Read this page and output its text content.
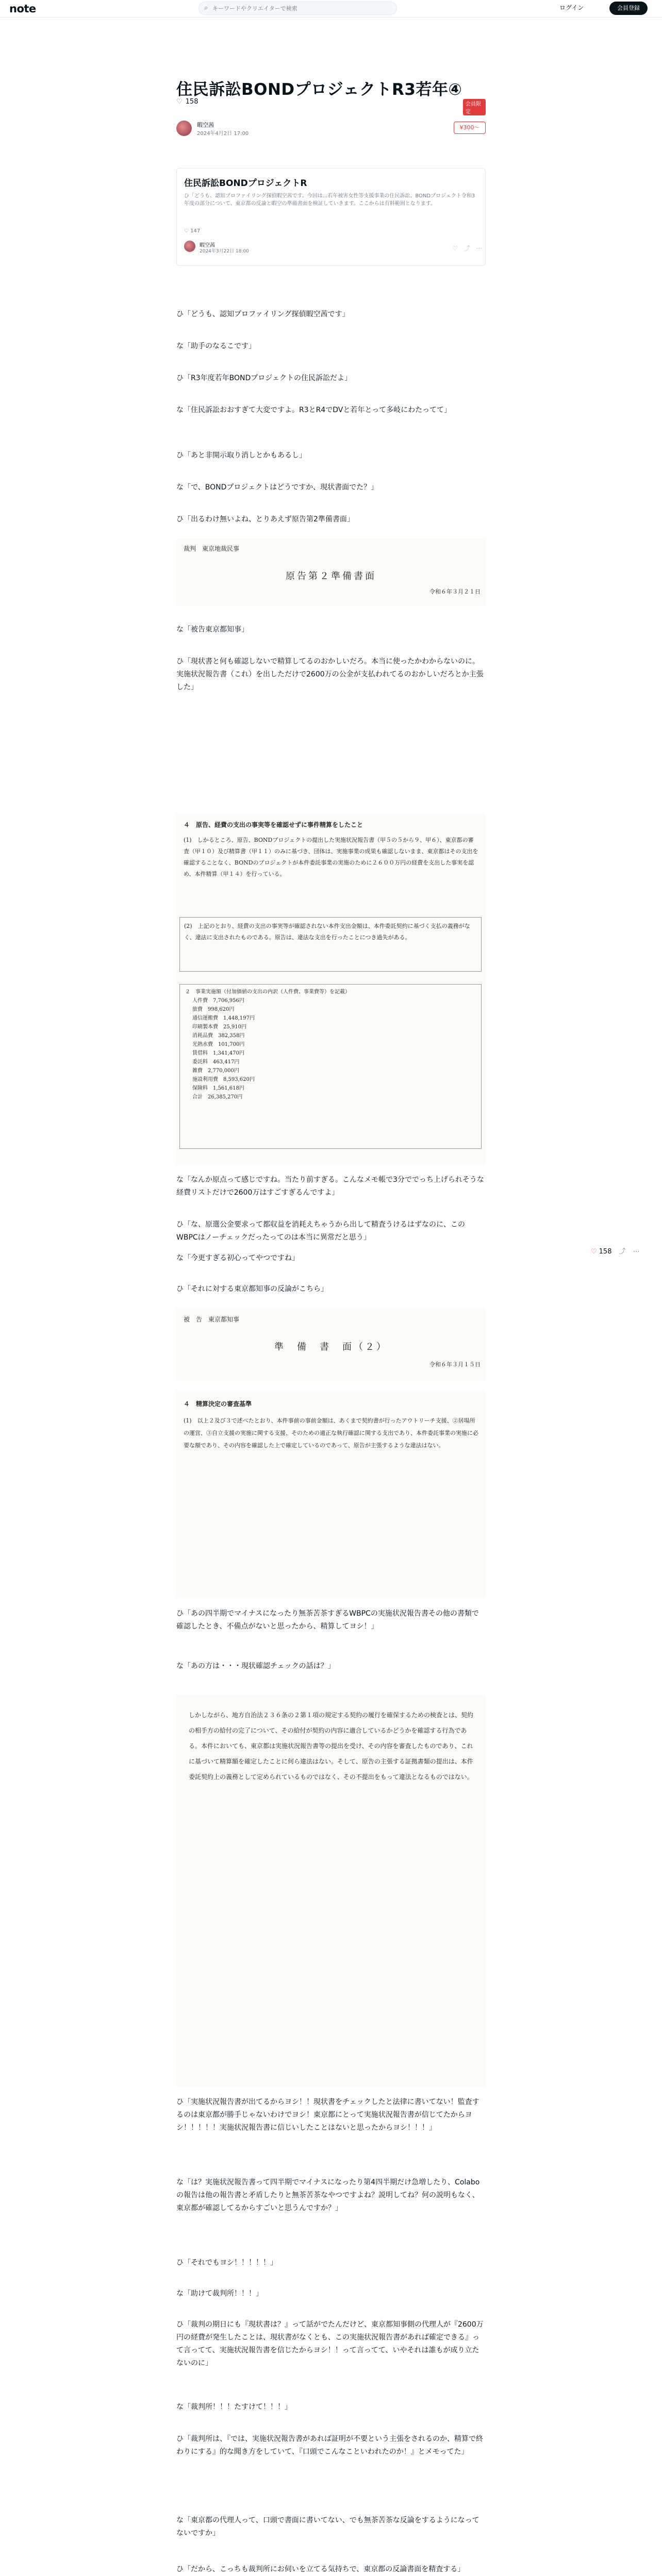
note	⌕
キーワードやクリエイターで検索	ログイン	会員登録
住民訴訟BONDプロジェクトR3若年④
♡ 158	会員限定
暇空茜
2024年4月2日 17:00
¥300〜
住民訴訟BONDプロジェクトR
ひ「どうも、認知プロファイリング探偵暇空茜です。今回は...若年被害女性等支援事業の住民訴訟、BONDプロジェクト令和3年度の部分について、東京都の反論と暇空の準備書面を検証していきます。ここからは有料範囲となります。
♡ 147
暇空茜
2024年3月22日 18:00	♡ ⤴ ⋯

ひ「どうも、認知プロファイリング探偵暇空茜です」

な「助手のなるこです」

ひ「R3年度若年BONDプロジェクトの住民訴訟だよ」

な「住民訴訟おおすぎて大変ですよ。R3とR4でDVと若年とって多岐にわたってて」

ひ「あと非開示取り消しとかもあるし」

な「で、BONDプロジェクトはどうですか、現状書面でた？」

ひ「出るわけ無いよね、とりあえず原告第2準備書面」

裁判　東京地裁民事
原告第２準備書面
令和６年３月２１日

な「被告東京都知事」

ひ「現状書と何も確認しないで精算してるのおかしいだろ。本当に使ったかわからないのに。実施状況報告書（これ）を出しただけで2600万の公金が支払われてるのおかしいだろとか主張した」

４　原告、経費の支出の事実等を確認せずに事件精算をしたこと
(1)　しかるところ、原告、BONDプロジェクトの提出した実施状況報告書（甲５の５から９、甲６）、東京都の審査（甲１０）及び精算書（甲１１）のみに基づき、団体は、実施事業の成果も確認しないまま、東京都はその支出を確認することなく、BONDのプロジェクトが本件委託事業の実施のために２６００万円の経費を支出した事実を認め、本件精算（甲１４）を行っている。
(2)　上記のとおり、経費の支出の事実等が確認されない本件支出金額は、本件委託契約に基づく支払の義務がなく、違法に支出されたものである。原告は、違法な支出を行ったことにつき過失がある。
２　事業実施額（付加価値の支出の内訳（人件費、事業費等）を記載）
人件費　7,706,956円
旅費　998,620円
通信運搬費　1,448,197円
印刷製本費　25,910円
消耗品費　382,358円
光熱水費　101,700円
賃借料　1,341,470円
委託料　463,417円
雑費　2,770,000円
施設利用費　8,593,620円
保険料　1,561,618円
合計　26,385,270円

な「なんか原点って感じですね。当たり前すぎる。こんなメモ帳で3分ででっち上げられそうな経費リストだけで2600万はすごすぎるんですよ」

ひ「な、原選公金要求って都収益を消耗えちゃうから出して精査うけるはずなのに、このWBPCはノーチェックだったってのは本当に異常だと思う」

な「今更すぎる初心ってやつですね」

ひ「それに対する東京都知事の反論がこちら」

被　告　東京都知事
準　備　書　面（２）
令和６年３月１５日
４　精算決定の審査基準
(1)　以上２及び３で述べたとおり、本件事前の事前金額は、あくまで契約書が行ったアウトリーチ支援、②居場所の運営、③自立支援の実施に関する支援、そのための適正な執行確認に関する支出であり、本件委託事業の実施に必要な額であり、その内容を確認した上で確定しているのであって、原告が主張するような違法はない。

ひ「あの四半期でマイナスになったり無茶苦茶すぎるWBPCの実施状況報告書その他の書類で確認したとき、不備点がないと思ったから、精算してヨシ！」

な「あの方は・・・現状確認チェックの話は？」

しかしながら、地方自治法２３６条の２第１項の規定する契約の履行を確保するための検査とは、契約の相手方の給付の完了について、その給付が契約の内容に適合しているかどうかを確認する行為である。本件においても、東京都は実施状況報告書等の提出を受け、その内容を審査したものであり、これに基づいて精算額を確定したことに何ら違法はない。そして、原告の主張する証拠書類の提出は、本件委託契約上の義務として定められているものではなく、その不提出をもって違法となるものではない。

ひ「実施状況報告書が出てるからヨシ！！現状書をチェックしたと法律に書いてない！監査するのは東京都が勝手じゃないわけでヨシ！東京都にとって実施状況報告書が信じてたからヨシ！！！！！実施状況報告書に信じいしたことはないと思ったからヨシ！！！」

な「は？実施状況報告書って四半期でマイナスになったり第4四半期だけ急増したり、Colaboの報告は他の報告書と矛盾したりと無茶苦茶なやつですよね？説明してね？何の説明もなく、東京都が確認してるからすごいと思うんですか？」

ひ「それでもヨシ！！！！！」

な「助けて裁判所！！！」

ひ「裁判の期日にも『現状書は？』って話がでたんだけど、東京都知事側の代理人が『2600万円の経費が発生したことは、現状書がなくとも、この実施状況報告書があれば確定できる』って言ってて、実施状況報告書を信じたからヨシ！！って言ってて、いやそれは誰もが成り立たないのに」

な「裁判所！！！たすけて！！！」

ひ「裁判所は、『では、実施状況報告書があれば証明が不要という主張をされるのか、精算で終わりにする』的な聞き方をしていて、『口頭でこんなこといわれたのか！』とメモってた」

な「東京都の代理人って、口頭で書面に書いてない、でも無茶苦茶な反論をするようになってないですか」

ひ「だから、こっちも裁判所にお伺いを立てる気持ちで、東京都の反論書面を精査する」

♡ 158 ⤴ ⋯
